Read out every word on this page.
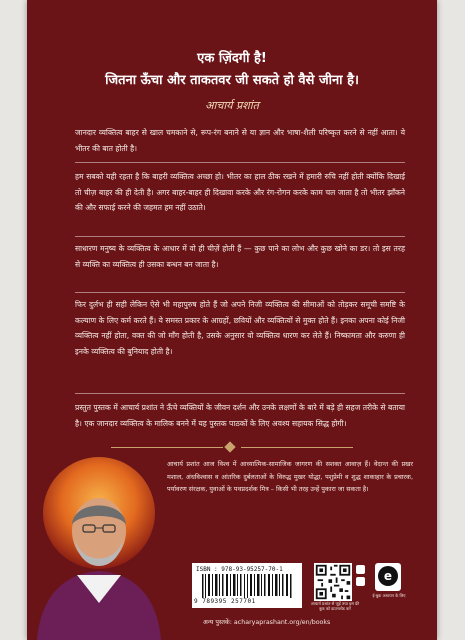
एक ज़िंदगी है!
जितना ऊँचा और ताकतवर जी सकते हो वैसे जीना है।
आचार्य प्रशांत

जानदार व्यक्तित्व बाहर से खाल चमकाने से, रूप-रंग बनाने से या ज्ञान और भाषा-शैली परिष्कृत करने से नहीं आता। ये भीतर की बात होती है।

हम सबको यही रहता है कि बाहरी व्यक्तित्व अच्छा हो। भीतर का हाल ठीक रखने में हमारी रुचि नहीं होती क्योंकि दिखाई तो चीज़ बाहर की ही देती है। अगर बाहर-बाहर ही दिखावा करके और रंग-रोगन करके काम चल जाता है तो भीतर झाँकने की और सफाई करने की जहमत हम नहीं उठाते।

साधारण मनुष्य के व्यक्तित्व के आधार में वो ही चीज़ें होती हैं — कुछ पाने का लोभ और कुछ खोने का डर। तो इस तरह से व्यक्ति का व्यक्तित्व ही उसका बन्धन बन जाता है।

फिर दुर्लभ ही सही लेकिन ऐसे भी महापुरुष होते हैं जो अपने निजी व्यक्तित्व की सीमाओं को तोड़कर समूची समष्टि के कल्याण के लिए कर्म करते हैं। ये समस्त प्रकार के आग्रहों, छवियों और व्यक्तित्वों से मुक्त होते हैं। इनका अपना कोई निजी व्यक्तित्व नहीं होता, वक्त की जो माँग होती है, उसके अनुसार वो व्यक्तित्व धारण कर लेते हैं। निष्कामता और करुणा ही इनके व्यक्तित्व की बुनियाद होती है।

प्रस्तुत पुस्तक में आचार्य प्रशांत ने ऊँचे व्यक्तियों के जीवन दर्शन और उनके लक्षणों के बारे में बड़े ही सहज तरीके से बताया है। एक जानदार व्यक्तित्व के मालिक बनने में यह पुस्तक पाठकों के लिए अवश्य सहायक सिद्ध होगी।

आचार्य प्रशांत आज विश्व में आध्यात्मिक-सामाजिक जागरण की सशक्त आवाज़ हैं। वेदान्त की प्रखर मशाल, अंधविश्वास व आंतरिक दुर्बलताओं के विरुद्ध मुखर योद्धा, पशुप्रेमी व शुद्ध शाकाहार के प्रचारक, पर्यावरण संरक्षक, युवाओं के पथप्रदर्शक मित्र – किसी भी तरह उन्हें पुकारा जा सकता है।

ISBN : 978-93-95257-70-1
9 789395 257701	आचार्य प्रशांत से जुड़ें तथा इस फ्री बुक को डाउनलोड करें
e
ई-बुक अध्ययन के लिए
अन्य पुस्तकें: acharyaprashant.org/en/books
